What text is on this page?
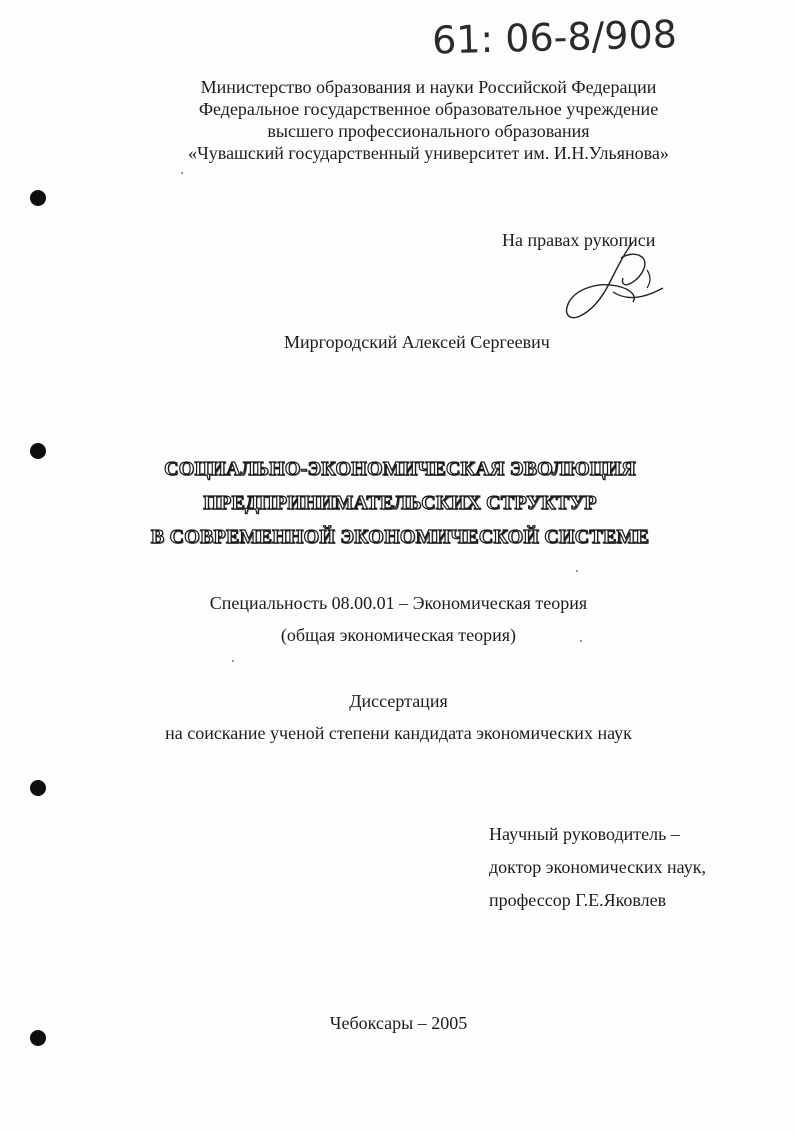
61: 06-8/908
Министерство образования и науки Российской Федерации
Федеральное государственное образовательное учреждение
высшего профессионального образования
«Чувашский государственный университет им. И.Н.Ульянова»
На правах рукописи
Миргородский Алексей Сергеевич
СОЦИАЛЬНО-ЭКОНОМИЧЕСКАЯ ЭВОЛЮЦИЯ
ПРЕДПРИНИМАТЕЛЬСКИХ СТРУКТУР
В СОВРЕМЕННОЙ ЭКОНОМИЧЕСКОЙ СИСТЕМЕ
Специальность 08.00.01 – Экономическая теория
(общая экономическая теория)
Диссертация
на соискание ученой степени кандидата экономических наук
Научный руководитель –
доктор экономических наук,
профессор Г.Е.Яковлев
Чебоксары – 2005
